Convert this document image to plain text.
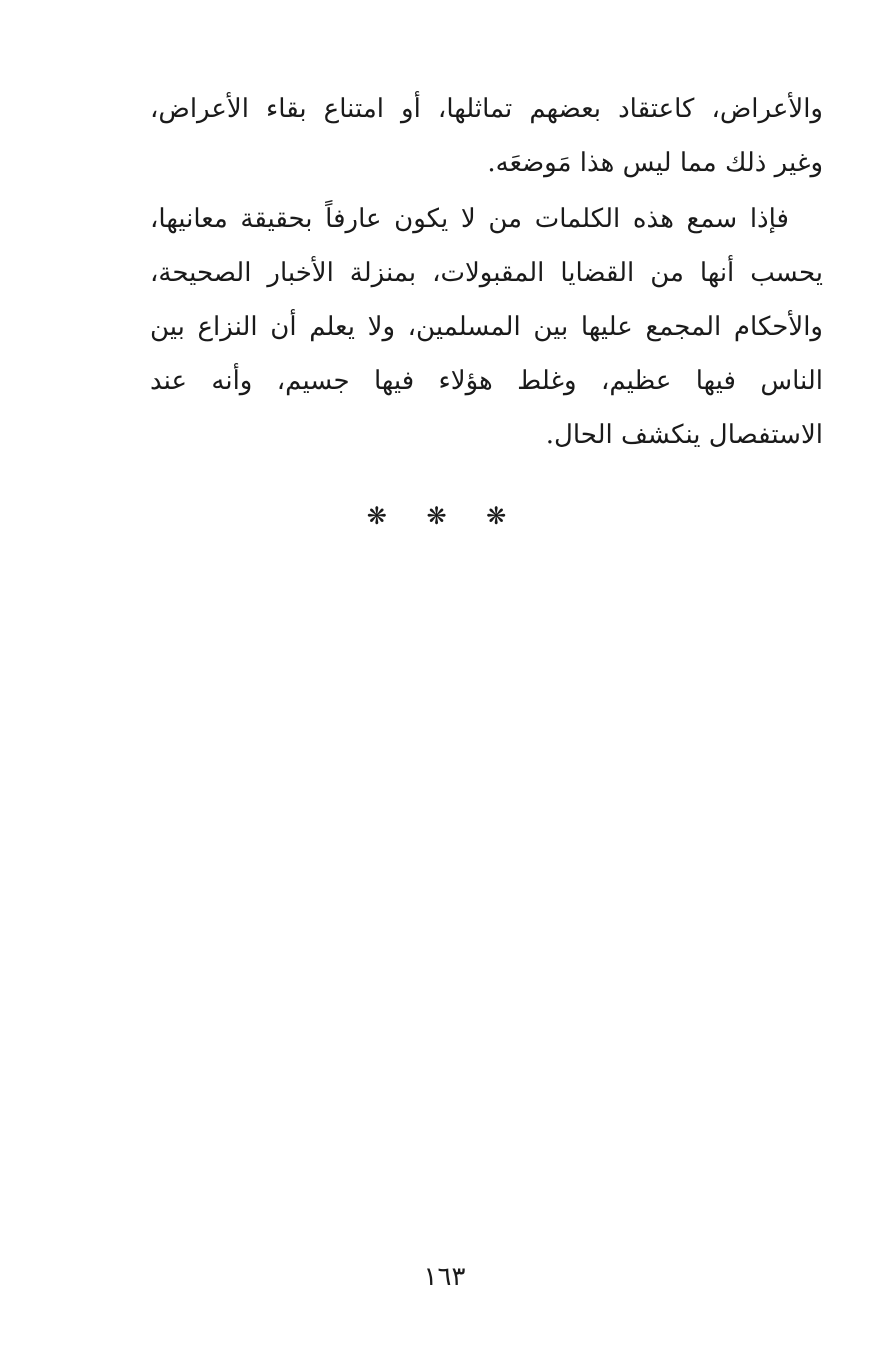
والأعراض، كاعتقاد بعضهم تماثلها، أو امتناع بقاء الأعراض،
وغير ذلك مما ليس هذا مَوضعَه.
فإذا سمع هذه الكلمات من لا يكون عارفاً بحقيقة معانيها،
يحسب أنها من القضايا المقبولات، بمنزلة الأخبار الصحيحة،
والأحكام المجمع عليها بين المسلمين، ولا يعلم أن النزاع بين
الناس فيها عظيم، وغلط هؤلاء فيها جسيم، وأنه عند
الاستفصال ينكشف الحال.
❋ ❋ ❋
١٦٣
